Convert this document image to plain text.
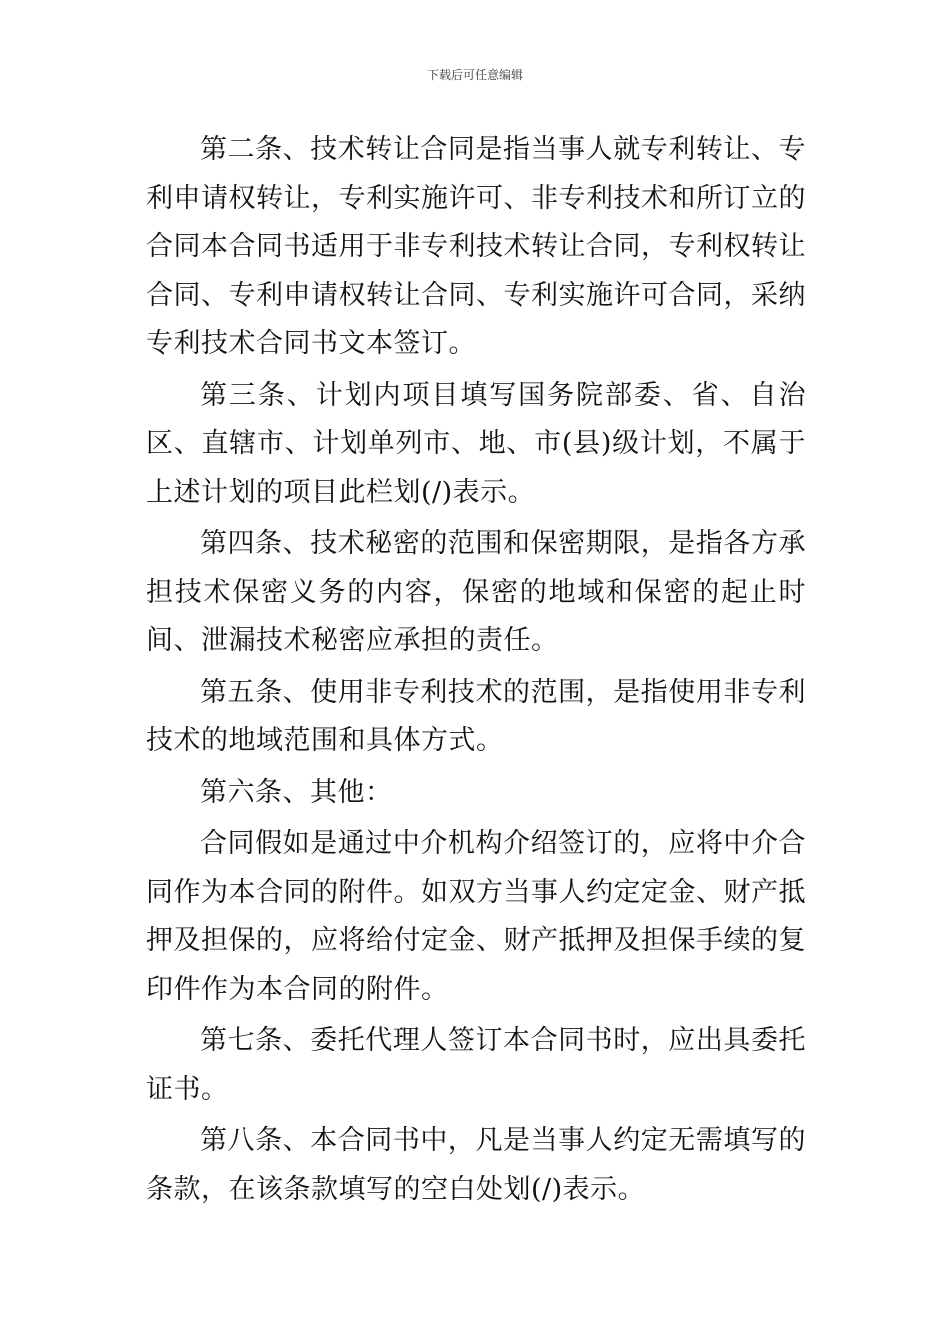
下载后可任意编辑

第二条、技术转让合同是指当事人就专利转让、专利申请权转让，专利实施许可、非专利技术和所订立的合同本合同书适用于非专利技术转让合同，专利权转让合同、专利申请权转让合同、专利实施许可合同，采纳专利技术合同书文本签订。

第三条、计划内项目填写国务院部委、省、自治区、直辖市、计划单列市、地、市(县)级计划，不属于上述计划的项目此栏划(/)表示。

第四条、技术秘密的范围和保密期限，是指各方承担技术保密义务的内容，保密的地域和保密的起止时间、泄漏技术秘密应承担的责任。

第五条、使用非专利技术的范围，是指使用非专利技术的地域范围和具体方式。

第六条、其他：

合同假如是通过中介机构介绍签订的，应将中介合同作为本合同的附件。如双方当事人约定定金、财产抵押及担保的，应将给付定金、财产抵押及担保手续的复印件作为本合同的附件。

第七条、委托代理人签订本合同书时，应出具委托证书。

第八条、本合同书中，凡是当事人约定无需填写的条款，在该条款填写的空白处划(/)表示。
